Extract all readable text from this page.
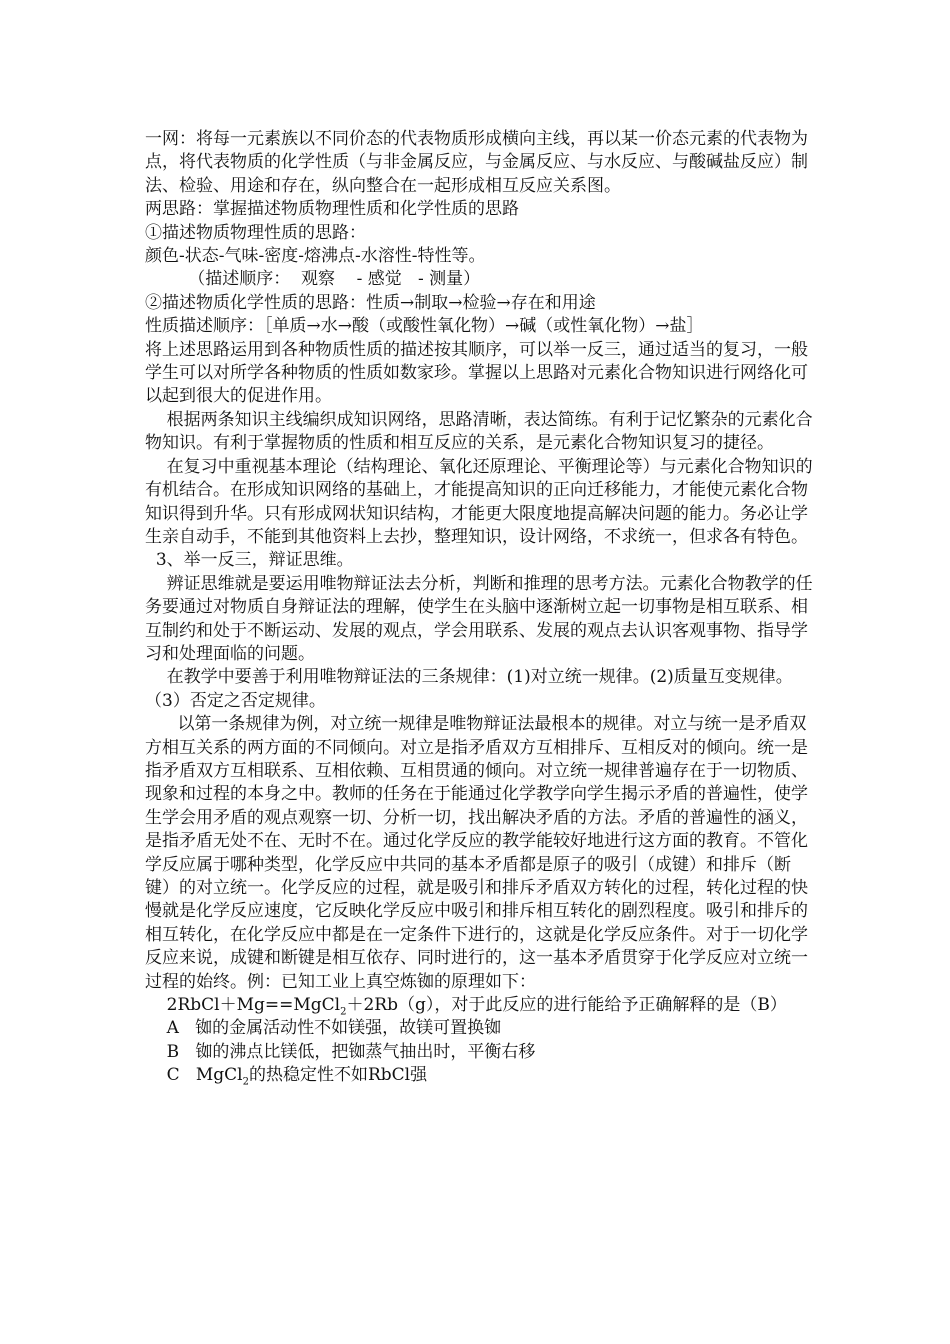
一网：将每一元素族以不同价态的代表物质形成横向主线，再以某一价态元素的代表物为点，将代表物质的化学性质（与非金属反应，与金属反应、与水反应、与酸碱盐反应）制法、检验、用途和存在，纵向整合在一起形成相互反应关系图。

两思路：掌握描述物质物理性质和化学性质的思路

①描述物质物理性质的思路：

颜色-状态-气味-密度-熔沸点-水溶性-特性等。

（描述顺序：  观察    - 感觉   - 测量）

②描述物质化学性质的思路：性质→制取→检验→存在和用途

性质描述顺序：［单质→水→酸（或酸性氧化物）→碱（或性氧化物）→盐］

将上述思路运用到各种物质性质的描述按其顺序，可以举一反三，通过适当的复习，一般学生可以对所学各种物质的性质如数家珍。掌握以上思路对元素化合物知识进行网络化可以起到很大的促进作用。

根据两条知识主线编织成知识网络，思路清晰，表达简练。有利于记忆繁杂的元素化合物知识。有利于掌握物质的性质和相互反应的关系，是元素化合物知识复习的捷径。

在复习中重视基本理论（结构理论、氧化还原理论、平衡理论等）与元素化合物知识的有机结合。在形成知识网络的基础上，才能提高知识的正向迁移能力，才能使元素化合物知识得到升华。只有形成网状知识结构，才能更大限度地提高解决问题的能力。务必让学生亲自动手，不能到其他资料上去抄，整理知识，设计网络，不求统一，但求各有特色。

3、举一反三，辩证思维。

辨证思维就是要运用唯物辩证法去分析，判断和推理的思考方法。元素化合物教学的任务要通过对物质自身辩证法的理解，使学生在头脑中逐渐树立起一切事物是相互联系、相互制约和处于不断运动、发展的观点，学会用联系、发展的观点去认识客观事物、指导学习和处理面临的问题。

在教学中要善于利用唯物辩证法的三条规律：(1)对立统一规律。(2)质量互变规律。（3）否定之否定规律。

以第一条规律为例，对立统一规律是唯物辩证法最根本的规律。对立与统一是矛盾双方相互关系的两方面的不同倾向。对立是指矛盾双方互相排斥、互相反对的倾向。统一是指矛盾双方互相联系、互相依赖、互相贯通的倾向。对立统一规律普遍存在于一切物质、现象和过程的本身之中。教师的任务在于能通过化学教学向学生揭示矛盾的普遍性，使学生学会用矛盾的观点观察一切、分析一切，找出解决矛盾的方法。矛盾的普遍性的涵义，是指矛盾无处不在、无时不在。通过化学反应的教学能较好地进行这方面的教育。不管化学反应属于哪种类型，化学反应中共同的基本矛盾都是原子的吸引（成键）和排斥（断键）的对立统一。化学反应的过程，就是吸引和排斥矛盾双方转化的过程，转化过程的快慢就是化学反应速度，它反映化学反应中吸引和排斥相互转化的剧烈程度。吸引和排斥的相互转化，在化学反应中都是在一定条件下进行的，这就是化学反应条件。对于一切化学反应来说，成键和断键是相互依存、同时进行的，这一基本矛盾贯穿于化学反应对立统一过程的始终。例：已知工业上真空炼铷的原理如下：

2RbCl＋Mg==MgCl$_2$＋2Rb（g），对于此反应的进行能给予正确解释的是（B）

A   铷的金属活动性不如镁强，故镁可置换铷

B   铷的沸点比镁低，把铷蒸气抽出时，平衡右移

C   MgCl$_2$的热稳定性不如RbCl强
